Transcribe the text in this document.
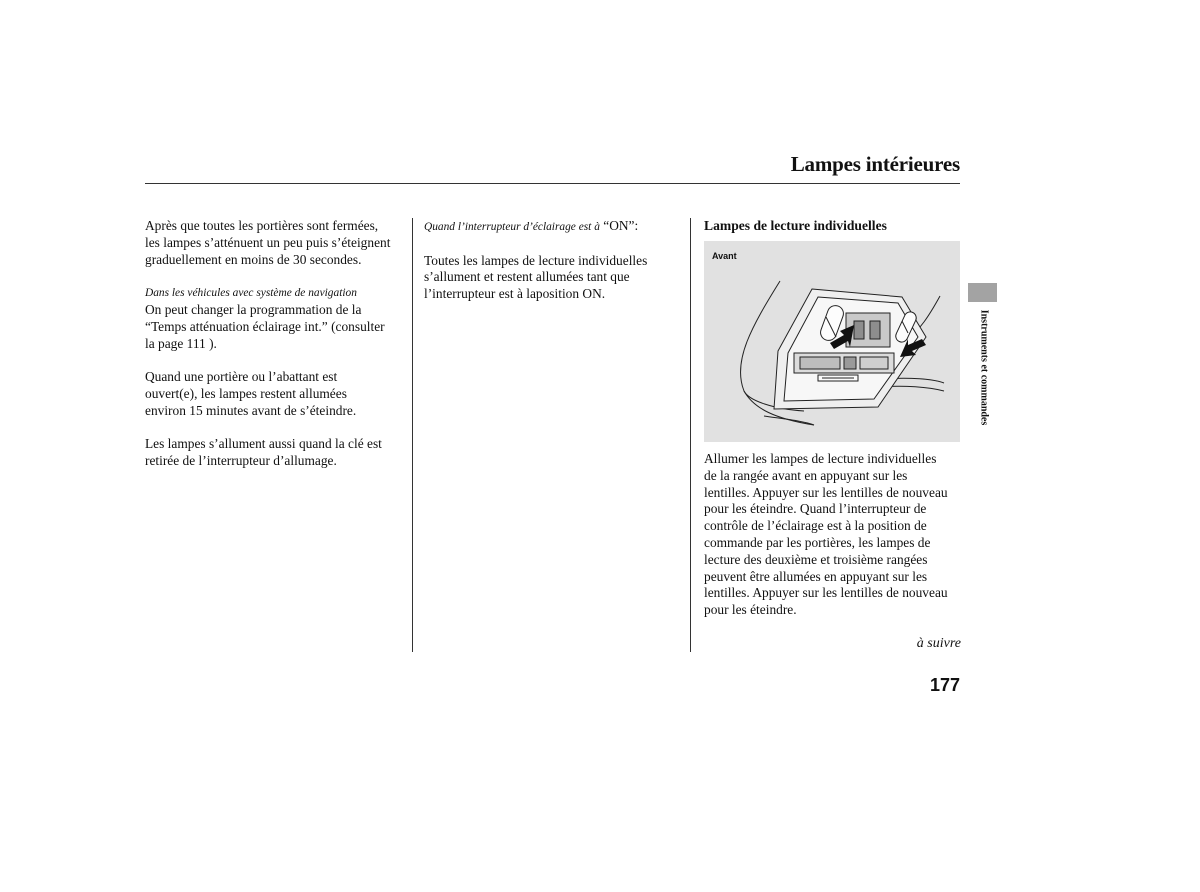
Lampes intérieures

Après que toutes les portières sont fermées,
les lampes s’atténuent un peu puis s’éteignent
graduellement en moins de 30 secondes.

Dans les véhicules avec système de navigation

On peut changer la programmation de la
“Temps atténuation éclairage int.” (consulter
la page 111 ).

Quand une portière ou l’abattant est
ouvert(e), les lampes restent allumées
environ 15 minutes avant de s’éteindre.

Les lampes s’allument aussi quand la clé est
retirée de l’interrupteur d’allumage.

Quand l’interrupteur d’éclairage est à “ON”:

Toutes les lampes de lecture individuelles
s’allument et restent allumées tant que
l’interrupteur est à laposition ON.

Lampes de lecture individuelles
Avant

Allumer les lampes de lecture individuelles
de la rangée avant en appuyant sur les
lentilles. Appuyer sur les lentilles de nouveau
pour les éteindre. Quand l’interrupteur de
contrôle de l’éclairage est à la position de
commande par les portières, les lampes de
lecture des deuxième et troisième rangées
peuvent être allumées en appuyant sur les
lentilles. Appuyer sur les lentilles de nouveau
pour les éteindre.

Instruments et commandes
à suivre
177
